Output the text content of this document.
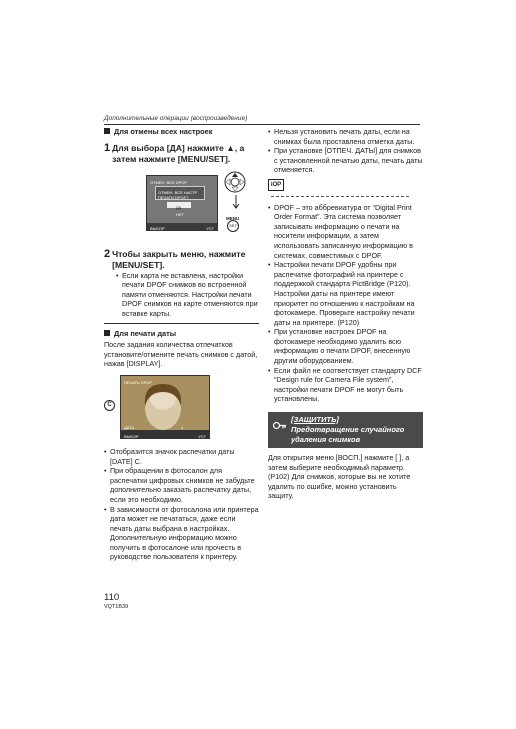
Дополнительные операции (воспроизведение)
Для отмены всех настроек
1 Для выбора [ДА] нажмите ▲, а затем нажмите [MENU/SET].
ОТМЕН. ВСЕ DPOF
ОТМЕН. ВСЕ НАСТР
ПЕЧАТИ DPOF?
ДА
НЕТ
ВЫБОР	УСТ
MENU
SET
2 Чтобы закрыть меню, нажмите [MENU/SET].
• Если карта не вставлена, настройки печати DPOF снимков во встроенной памяти отменяются. Настройки печати DPOF снимков на карте отменяются при вставке карты.
Для печати даты

После задания количества отпечатков установите/отмените печать снимков с датой, нажав [DISPLAY].

C
ПЕЧАТЬ DPOF
ДАТА	1
ВЫБОР	УСТ
• Отобразится значок распечатки даты [DATE] C.
• При обращении в фотосалон для распечатки цифровых снимков не забудьте дополнительно заказать распечатку даты, если это необходимо.
• В зависимости от фотосалона или принтера дата может не печататься, даже если печать даты выбрана в настройках. Дополнительную информацию можно получить в фотосалоне или прочесть в руководстве пользователя к принтеру.
• Нельзя установить печать даты, если на снимках была проставлена отметка даты.
• При установке [ОТПЕЧ. ДАТЫ] для снимков с установленной печатью даты, печать даты отменяется.
iOP
• DPOF – это аббревиатура от “Digital Print Order Format”. Эта система позволяет записывать информацию о печати на носители информации, а затем использовать записанную информацию в системах, совместимых с DPOF.
• Настройки печати DPOF удобны при распечатке фотографий на принтере с поддержкой стандарта PictBridge (P120). Настройки даты на принтере имеют приоритет по отношению к настройкам на фотокамере. Проверьте настройку печати даты на принтере. (P120)
• При установке настроек DPOF на фотокамере необходимо удалить всю информацию о печати DPOF, внесенную другим оборудованием.
• Если файл не соответствует стандарту DCF “Design rule for Camera File system”, настройки печати DPOF не могут быть установлены.
[ЗАЩИТИТЬ]
Предотвращение случайного удаления снимков

Для открытия меню [ВОСП.] нажмите [ ], а затем выберите необходимый параметр. (P102) Для снимков, которые вы не хотите удалить по ошибке, можно установить защиту.

110
VQT1B39
